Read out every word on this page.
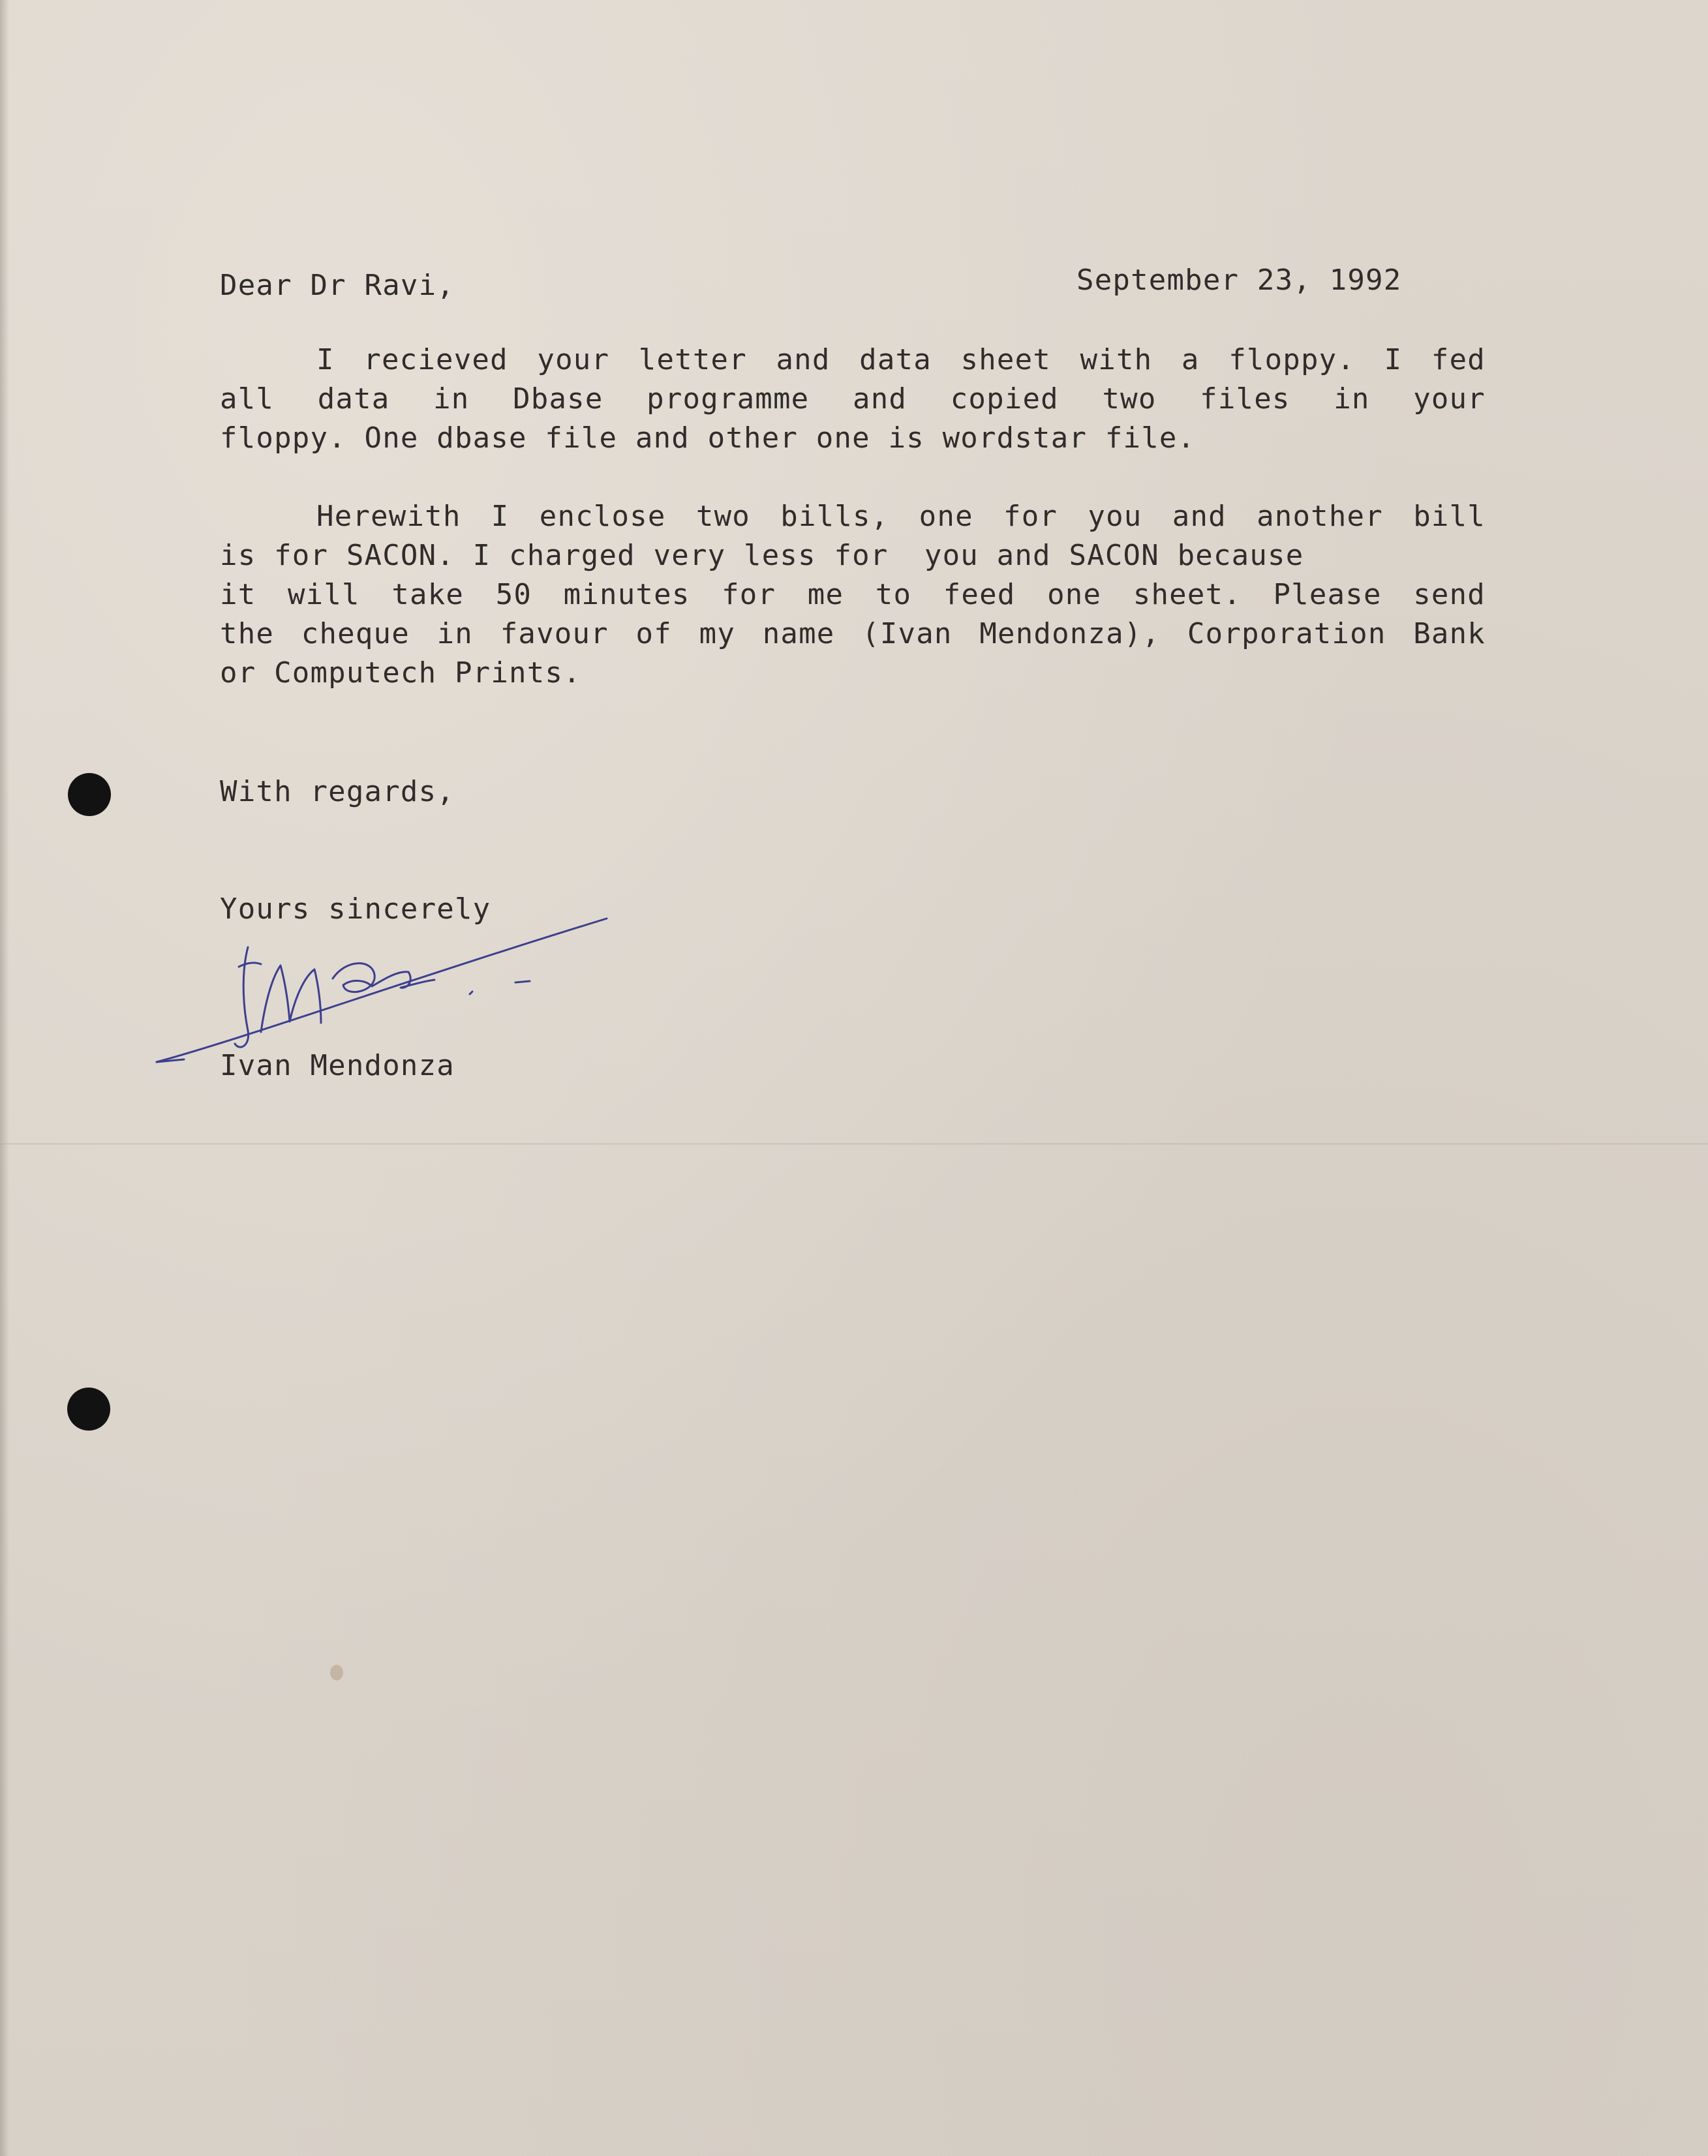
Dear Dr Ravi,	September 23, 1992
I recieved your letter and data sheet with a floppy. I fed
all data in Dbase programme and copied two files in your
floppy. One dbase file and other one is wordstar file.
Herewith I enclose two bills, one for you and another bill
is for SACON. I charged very less for  you and SACON because
it will take 50 minutes for me to feed one sheet. Please send
the cheque in favour of my name (Ivan Mendonza), Corporation Bank
or Computech Prints.
With regards,
Yours sincerely
Ivan Mendonza
